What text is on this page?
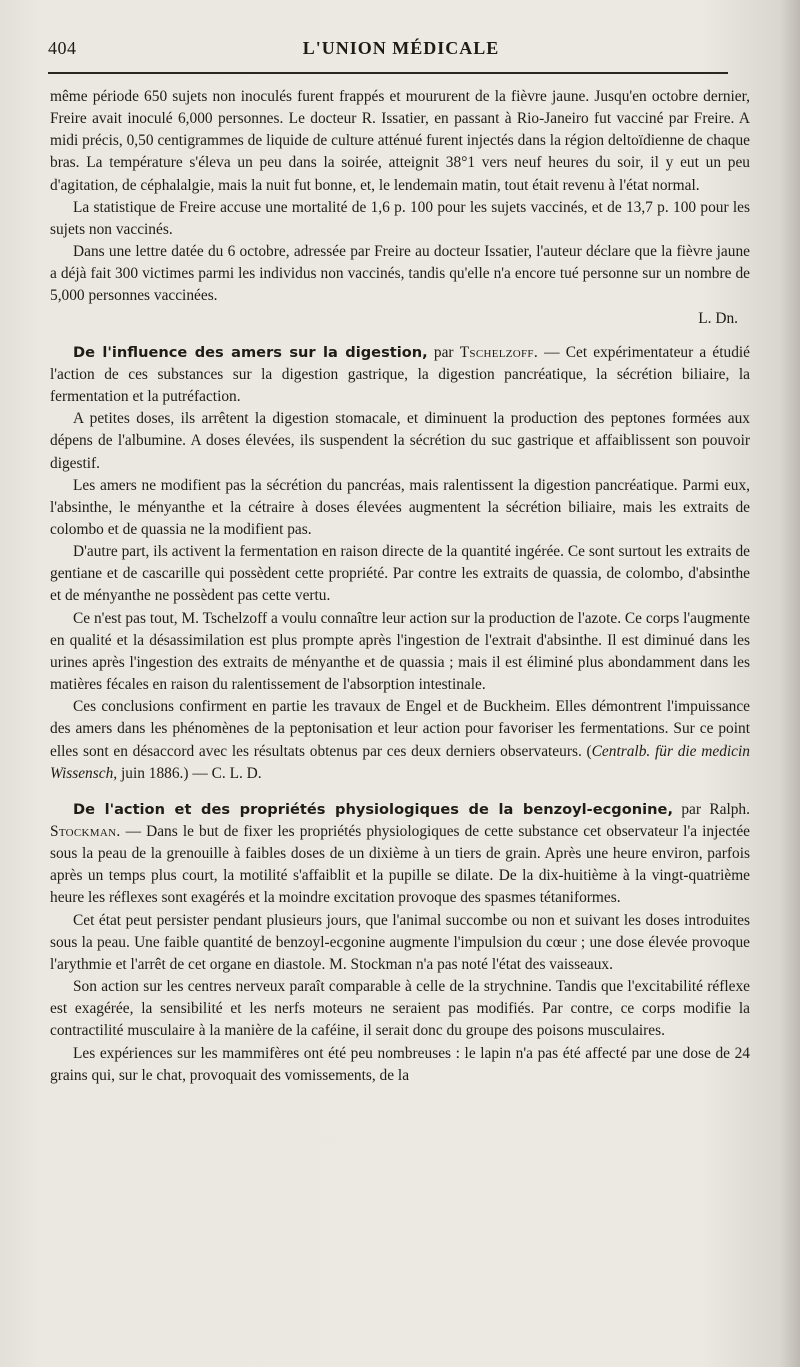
404	L'UNION MÉDICALE

même période 650 sujets non inoculés furent frappés et moururent de la fièvre jaune. Jusqu'en octobre dernier, Freire avait inoculé 6,000 personnes. Le docteur R. Issatier, en passant à Rio-Janeiro fut vacciné par Freire. A midi précis, 0,50 centigrammes de liquide de culture atténué furent injectés dans la région deltoïdienne de chaque bras. La température s'éleva un peu dans la soirée, atteignit 38°1 vers neuf heures du soir, il y eut un peu d'agitation, de céphalalgie, mais la nuit fut bonne, et, le lendemain matin, tout était revenu à l'état normal.

La statistique de Freire accuse une mortalité de 1,6 p. 100 pour les sujets vaccinés, et de 13,7 p. 100 pour les sujets non vaccinés.

Dans une lettre datée du 6 octobre, adressée par Freire au docteur Issatier, l'auteur déclare que la fièvre jaune a déjà fait 300 victimes parmi les individus non vaccinés, tandis qu'elle n'a encore tué personne sur un nombre de 5,000 personnes vaccinées.

L. Dn.

De l'influence des amers sur la digestion, par Tschelzoff. — Cet expérimentateur a étudié l'action de ces substances sur la digestion gastrique, la digestion pancréatique, la sécrétion biliaire, la fermentation et la putréfaction.

A petites doses, ils arrêtent la digestion stomacale, et diminuent la production des peptones formées aux dépens de l'albumine. A doses élevées, ils suspendent la sécrétion du suc gastrique et affaiblissent son pouvoir digestif.

Les amers ne modifient pas la sécrétion du pancréas, mais ralentissent la digestion pancréatique. Parmi eux, l'absinthe, le ményanthe et la cétraire à doses élevées augmentent la sécrétion biliaire, mais les extraits de colombo et de quassia ne la modifient pas.

D'autre part, ils activent la fermentation en raison directe de la quantité ingérée. Ce sont surtout les extraits de gentiane et de cascarille qui possèdent cette propriété. Par contre les extraits de quassia, de colombo, d'absinthe et de ményanthe ne possèdent pas cette vertu.

Ce n'est pas tout, M. Tschelzoff a voulu connaître leur action sur la production de l'azote. Ce corps l'augmente en qualité et la désassimilation est plus prompte après l'ingestion de l'extrait d'absinthe. Il est diminué dans les urines après l'ingestion des extraits de ményanthe et de quassia ; mais il est éliminé plus abondamment dans les matières fécales en raison du ralentissement de l'absorption intestinale.

Ces conclusions confirment en partie les travaux de Engel et de Buckheim. Elles démontrent l'impuissance des amers dans les phénomènes de la peptonisation et leur action pour favoriser les fermentations. Sur ce point elles sont en désaccord avec les résultats obtenus par ces deux derniers observateurs. (Centralb. für die medicin Wissensch, juin 1886.) — C. L. D.

De l'action et des propriétés physiologiques de la benzoyl-ecgonine, par Ralph. Stockman. — Dans le but de fixer les propriétés physiologiques de cette substance cet observateur l'a injectée sous la peau de la grenouille à faibles doses de un dixième à un tiers de grain. Après une heure environ, parfois après un temps plus court, la motilité s'affaiblit et la pupille se dilate. De la dix-huitième à la vingt-quatrième heure les réflexes sont exagérés et la moindre excitation provoque des spasmes tétaniformes.

Cet état peut persister pendant plusieurs jours, que l'animal succombe ou non et suivant les doses introduites sous la peau. Une faible quantité de benzoyl-ecgonine augmente l'impulsion du cœur ; une dose élevée provoque l'arythmie et l'arrêt de cet organe en diastole. M. Stockman n'a pas noté l'état des vaisseaux.

Son action sur les centres nerveux paraît comparable à celle de la strychnine. Tandis que l'excitabilité réflexe est exagérée, la sensibilité et les nerfs moteurs ne seraient pas modifiés. Par contre, ce corps modifie la contractilité musculaire à la manière de la caféine, il serait donc du groupe des poisons musculaires.

Les expériences sur les mammifères ont été peu nombreuses : le lapin n'a pas été affecté par une dose de 24 grains qui, sur le chat, provoquait des vomissements, de la
